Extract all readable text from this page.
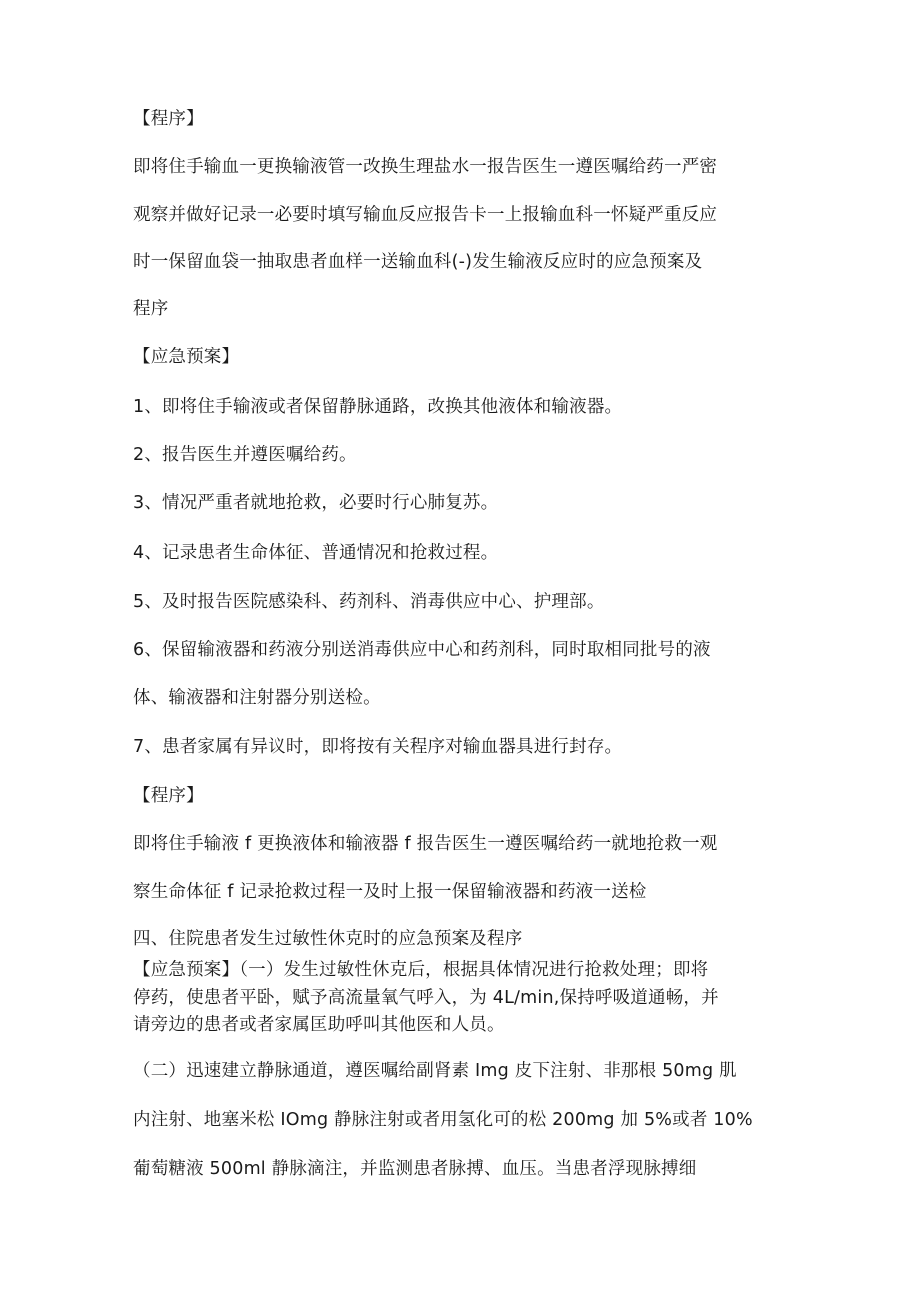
【程序】
即将住手输血一更换输液管一改换生理盐水一报告医生一遵医嘱给药一严密
观察并做好记录一必要时填写输血反应报告卡一上报输血科一怀疑严重反应
时一保留血袋一抽取患者血样一送输血科(-)发生输液反应时的应急预案及
程序
【应急预案】
1、即将住手输液或者保留静脉通路，改换其他液体和输液器。
2、报告医生并遵医嘱给药。
3、情况严重者就地抢救，必要时行心肺复苏。
4、记录患者生命体征、普通情况和抢救过程。
5、及时报告医院感染科、药剂科、消毒供应中心、护理部。
6、保留输液器和药液分别送消毒供应中心和药剂科，同时取相同批号的液
体、输液器和注射器分别送检。
7、患者家属有异议时，即将按有关程序对输血器具进行封存。
【程序】
即将住手输液 f 更换液体和输液器 f 报告医生一遵医嘱给药一就地抢救一观
察生命体征 f 记录抢救过程一及时上报一保留输液器和药液一送检
四、住院患者发生过敏性休克时的应急预案及程序
【应急预案】（一）发生过敏性休克后，根据具体情况进行抢救处理；即将
停药，使患者平卧，赋予高流量氧气呼入，为 4L∕min,保持呼吸道通畅，并
请旁边的患者或者家属匡助呼叫其他医和人员。
（二）迅速建立静脉通道，遵医嘱给副肾素 Img 皮下注射、非那根 50mg 肌
内注射、地塞米松 IOmg 静脉注射或者用氢化可的松 200mg 加 5%或者 10%
葡萄糖液 500ml 静脉滴注，并监测患者脉搏、血压。当患者浮现脉搏细
